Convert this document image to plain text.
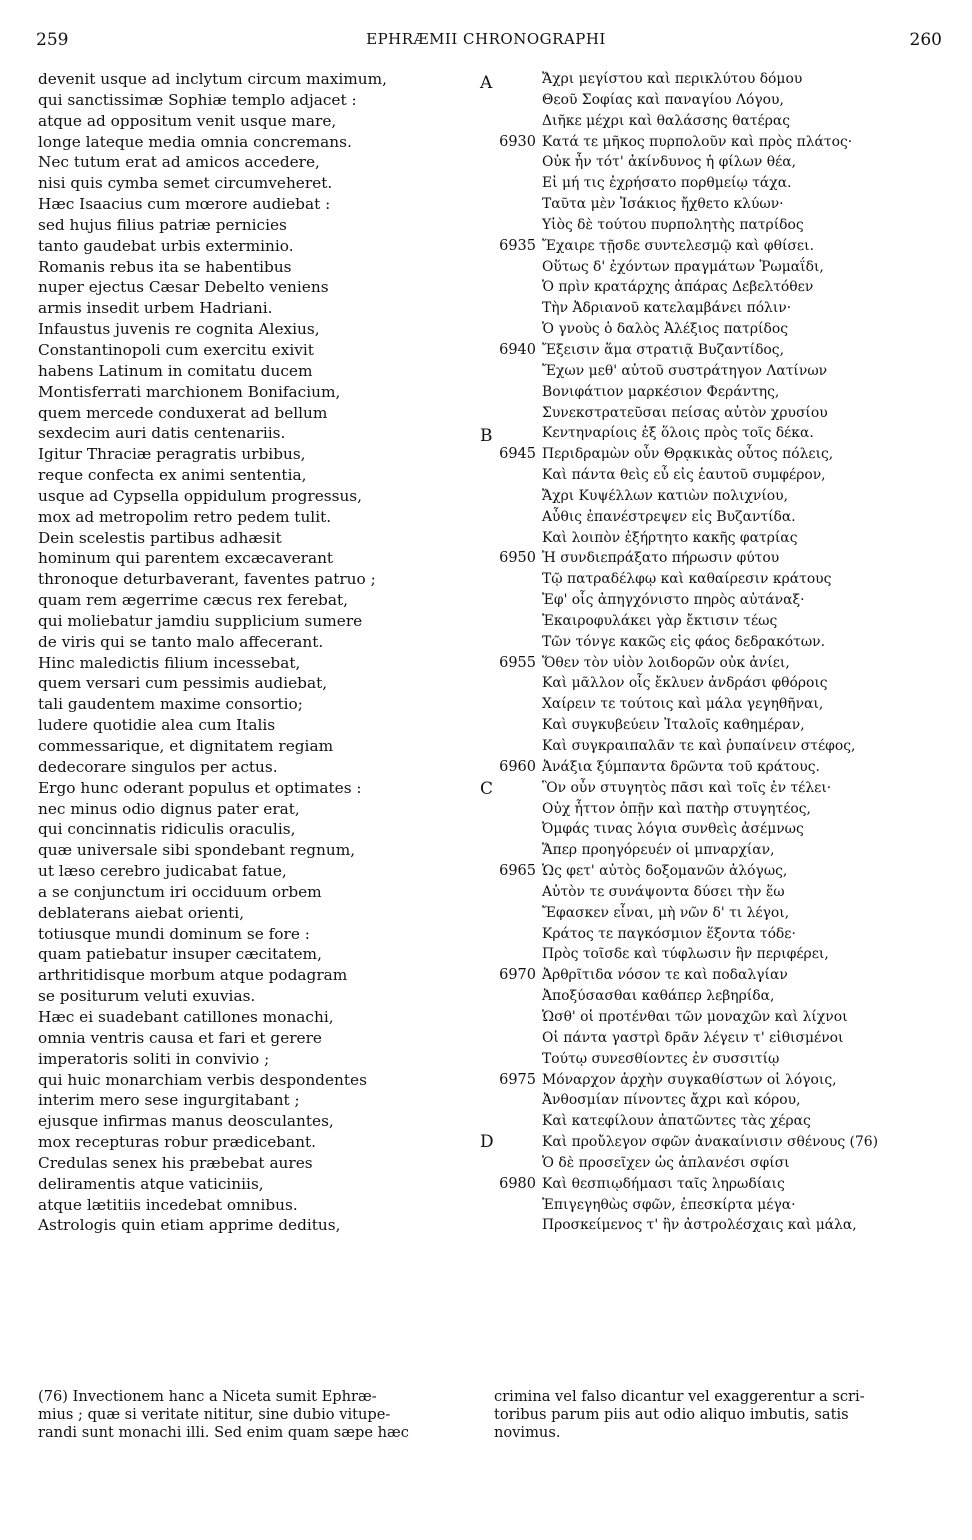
259	EPHRÆMII CHRONOGRAPHI	260
devenit usque ad inclytum circum maximum,
qui sanctissimæ Sophiæ templo adjacet :
atque ad oppositum venit usque mare,
longe lateque media omnia concremans.
Nec tutum erat ad amicos accedere,
nisi quis cymba semet circumveheret.
Hæc Isaacius cum mœrore audiebat :
sed hujus filius patriæ pernicies
tanto gaudebat urbis exterminio.
Romanis rebus ita se habentibus
nuper ejectus Cæsar Debelto veniens
armis insedit urbem Hadriani.
Infaustus juvenis re cognita Alexius,
Constantinopoli cum exercitu exivit
habens Latinum in comitatu ducem
Montisferrati marchionem Bonifacium,
quem mercede conduxerat ad bellum
sexdecim auri datis centenariis.
Igitur Thraciæ peragratis urbibus,
reque confecta ex animi sententia,
usque ad Cypsella oppidulum progressus,
mox ad metropolim retro pedem tulit.
Dein scelestis partibus adhæsit
hominum qui parentem excæcaverant
thronoque deturbaverant, faventes patruo ;
quam rem ægerrime cæcus rex ferebat,
qui moliebatur jamdiu supplicium sumere
de viris qui se tanto malo affecerant.
Hinc maledictis filium incessebat,
quem versari cum pessimis audiebat,
tali gaudentem maxime consortio;
ludere quotidie alea cum Italis
commessarique, et dignitatem regiam
dedecorare singulos per actus.
Ergo hunc oderant populus et optimates :
nec minus odio dignus pater erat,
qui concinnatis ridiculis oraculis,
quæ universale sibi spondebant regnum,
ut læso cerebro judicabat fatue,
a se conjunctum iri occiduum orbem
deblaterans aiebat orienti,
totiusque mundi dominum se fore :
quam patiebatur insuper cæcitatem,
arthritidisque morbum atque podagram
se positurum veluti exuvias.
Hæc ei suadebant catillones monachi,
omnia ventris causa et fari et gerere
imperatoris soliti in convivio ;
qui huic monarchiam verbis despondentes
interim mero sese ingurgitabant ;
ejusque infirmas manus deosculantes,
mox recepturas robur prædicebant.
Credulas senex his præbebat aures
deliramentis atque vaticiniis,
atque lætitiis incedebat omnibus.
Astrologis quin etiam apprime deditus,
Ἄχρι μεγίστου καὶ περικλύτου δόμου
Θεοῦ Σοφίας καὶ παναγίου Λόγου,
Διῆκε μέχρι καὶ θαλάσσης θατέρας
6930 Κατά τε μῆκος πυρπολοῦν καὶ πρὸς πλάτος·
Οὐκ ἦν τότ' ἀκίνδυνος ἡ φίλων θέα,
Εἰ μή τις ἐχρήσατο πορθμείῳ τάχα.
Ταῦτα μὲν Ἰσάκιος ἤχθετο κλύων·
Υἱὸς δὲ τούτου πυρπολητὴς πατρίδος
6935 Ἔχαιρε τῇσδε συντελεσμῷ καὶ φθίσει.
Οὕτως δ' ἐχόντων πραγμάτων Ῥωμαΐδι,
Ὁ πρὶν κρατάρχης ἀπάρας Δεβελτόθεν
Τὴν Ἀδριανοῦ κατελαμβάνει πόλιν·
Ὁ γνοὺς ὁ δαλὸς Ἀλέξιος πατρίδος
6940 Ἔξεισιν ἅμα στρατιᾷ Βυζαντίδος,
Ἔχων μεθ' αὐτοῦ συστράτηγον Λατίνων
Βονιφάτιον μαρκέσιον Φεράντης,
Συνεκστρατεῦσαι πείσας αὐτὸν χρυσίου
Κεντηναρίοις ἐξ ὅλοις πρὸς τοῖς δέκα.
6945 Περιδραμὼν οὖν Θρᾳκικὰς οὗτος πόλεις,
Καὶ πάντα θεὶς εὖ εἰς ἑαυτοῦ συμφέρον,
Ἄχρι Κυψέλλων κατιὼν πολιχνίου,
Αὖθις ἐπανέστρεψεν εἰς Βυζαντίδα.
Καὶ λοιπὸν ἐξήρτητο κακῆς φατρίας
6950 Ἡ συνδιεπράξατο πήρωσιν φύτου
Τῷ πατραδέλφῳ καὶ καθαίρεσιν κράτους
Ἐφ' οἷς ἀπηγχόνιστο πηρὸς αὐτάναξ·
Ἐκαιροφυλάκει γὰρ ἔκτισιν τέως
Τῶν τόνγε κακῶς εἰς φάος δεδρακότων.
6955 Ὅθεν τὸν υἱὸν λοιδορῶν οὐκ ἀνίει,
Καὶ μᾶλλον οἷς ἔκλυεν ἀνδράσι φθόροις
Χαίρειν τε τούτοις καὶ μάλα γεγηθῆναι,
Καὶ συγκυβεύειν Ἰταλοῖς καθημέραν,
Καὶ συγκραιπαλᾶν τε καὶ ῥυπαίνειν στέφος,
6960 Ἀνάξια ξύμπαντα δρῶντα τοῦ κράτους.
Ὃν οὖν στυγητὸς πᾶσι καὶ τοῖς ἐν τέλει·
Οὐχ ἧττον ὀπῇν καὶ πατὴρ στυγητέος,
Ὀμφάς τινας λόγια συνθεὶς ἀσέμνως
Ἅπερ προηγόρευέν οἱ μπναρχίαν,
6965 Ὡς φετ' αὐτὸς δοξομανῶν ἀλόγως,
Αὐτὸν τε συνάψοντα δύσει τὴν ἕω
Ἔφασκεν εἶναι, μὴ νῶν δ' τι λέγοι,
Κράτος τε παγκόσμιον ἕξοντα τόδε·
Πρὸς τοῖσδε καὶ τύφλωσιν ἣν περιφέρει,
6970 Ἀρθρῖτιδα νόσον τε καὶ ποδαλγίαν
Ἀποξύσασθαι καθάπερ λεβηρίδα,
Ὡσθ' οἱ προτένθαι τῶν μοναχῶν καὶ λίχνοι
Οἱ πάντα γαστρὶ δρᾶν λέγειν τ' εἰθισμένοι
Τούτῳ συνεσθίοντες ἐν συσσιτίῳ
6975 Μόναρχον ἀρχὴν συγκαθίστων οἱ λόγοις,
Ἀνθοσμίαν πίνοντες ἄχρι καὶ κόρου,
Καὶ κατεφίλουν ἀπατῶντες τὰς χέρας
Καὶ προὔλεγον σφῶν ἀνακαίνισιν σθένους (76)
Ὁ δὲ προσεῖχεν ὡς ἀπλανέσι σφίσι
6980 Καὶ θεσπιῳδήμασι ταῖς ληρωδίαις
Ἐπιγεγηθὼς σφῶν, ἐπεσκίρτα μέγα·
Προσκείμενος τ' ἣν ἀστρολέσχαις καὶ μάλα,
A
B
C
D
(76) Invectionem hanc a Niceta sumit Ephræ-
mius ; quæ si veritate nititur, sine dubio vitupe-
randi sunt monachi illi. Sed enim quam sæpe hæc
crimina vel falso dicantur vel exaggerentur a scri-
toribus parum piis aut odio aliquo imbutis, satis
novimus.
